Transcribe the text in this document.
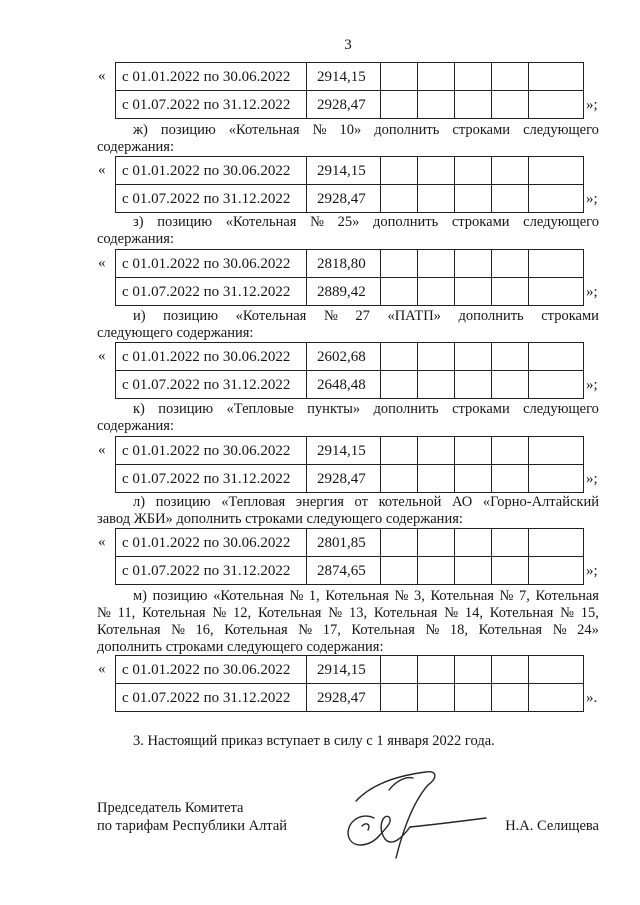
3
« с 01.01.2022 по 30.06.2022	2914,15					
с 01.07.2022 по 31.12.2022	2928,47						»;
ж) позицию «Котельная № 10» дополнить строками следующего
содержания:
« с 01.01.2022 по 30.06.2022	2914,15					
с 01.07.2022 по 31.12.2022	2928,47						»;
з) позицию «Котельная № 25» дополнить строками следующего
содержания:
« с 01.01.2022 по 30.06.2022	2818,80					
с 01.07.2022 по 31.12.2022	2889,42						»;
и) позицию «Котельная № 27 «ПАТП» дополнить строками
следующего содержания:
« с 01.01.2022 по 30.06.2022	2602,68					
с 01.07.2022 по 31.12.2022	2648,48						»;
к) позицию «Тепловые пункты» дополнить строками следующего
содержания:
« с 01.01.2022 по 30.06.2022	2914,15					
с 01.07.2022 по 31.12.2022	2928,47						»;
л) позицию «Тепловая энергия от котельной АО «Горно-Алтайский
завод ЖБИ» дополнить строками следующего содержания:
« с 01.01.2022 по 30.06.2022	2801,85					
с 01.07.2022 по 31.12.2022	2874,65						»;
м) позицию «Котельная № 1, Котельная № 3, Котельная № 7, Котельная
№ 11, Котельная № 12, Котельная № 13, Котельная № 14, Котельная № 15,
Котельная № 16, Котельная № 17, Котельная № 18, Котельная № 24»
дополнить строками следующего содержания:
« с 01.01.2022 по 30.06.2022	2914,15					
с 01.07.2022 по 31.12.2022	2928,47						».
3. Настоящий приказ вступает в силу с 1 января 2022 года.
Председатель Комитета
по тарифам Республики Алтай	Н.А. Селищева
